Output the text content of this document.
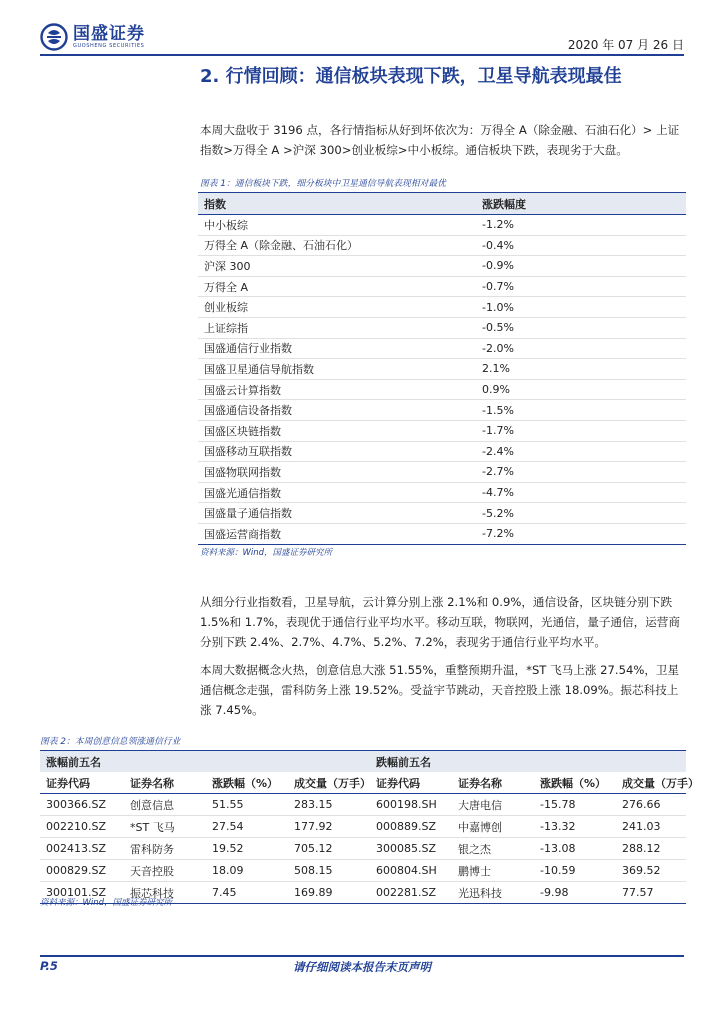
国盛证券
GUOSHENG SECURITIES	2020 年 07 月 26 日
2. 行情回顾：通信板块表现下跌，卫星导航表现最佳

本周大盘收于 3196 点，各行情指标从好到坏依次为：万得全 A（除金融、石油石化）> 上证指数>万得全 A >沪深 300>创业板综>中小板综。通信板块下跌，表现劣于大盘。

图表 1：通信板块下跌，细分板块中卫星通信导航表现相对最优
指数	涨跌幅度
中小板综	-1.2%
万得全 A（除金融、石油石化）	-0.4%
沪深 300	-0.9%
万得全 A	-0.7%
创业板综	-1.0%
上证综指	-0.5%
国盛通信行业指数	-2.0%
国盛卫星通信导航指数	2.1%
国盛云计算指数	0.9%
国盛通信设备指数	-1.5%
国盛区块链指数	-1.7%
国盛移动互联指数	-2.4%
国盛物联网指数	-2.7%
国盛光通信指数	-4.7%
国盛量子通信指数	-5.2%
国盛运营商指数	-7.2%
资料来源：Wind，国盛证券研究所

从细分行业指数看，卫星导航，云计算分别上涨 2.1%和 0.9%，通信设备，区块链分别下跌 1.5%和 1.7%，表现优于通信行业平均水平。移动互联，物联网，光通信，量子通信，运营商分别下跌 2.4%、2.7%、4.7%、5.2%、7.2%，表现劣于通信行业平均水平。

本周大数据概念火热，创意信息大涨 51.55%，重整预期升温，*ST 飞马上涨 27.54%，卫星通信概念走强，雷科防务上涨 19.52%。受益宇节跳动，天音控股上涨 18.09%。振芯科技上涨 7.45%。

图表 2：本周创意信息领涨通信行业
涨幅前五名				跌幅前五名			
证券代码	证券名称	涨跌幅（%）	成交量（万手）	证券代码	证券名称	涨跌幅（%）	成交量（万手）
300366.SZ	创意信息	51.55	283.15	600198.SH	大唐电信	-15.78	276.66
002210.SZ	*ST 飞马	27.54	177.92	000889.SZ	中嘉博创	-13.32	241.03
002413.SZ	雷科防务	19.52	705.12	300085.SZ	银之杰	-13.08	288.12
000829.SZ	天音控股	18.09	508.15	600804.SH	鹏博士	-10.59	369.52
300101.SZ	振芯科技	7.45	169.89	002281.SZ	光迅科技	-9.98	77.57
资料来源：Wind，国盛证券研究所
P.5	请仔细阅读本报告末页声明
